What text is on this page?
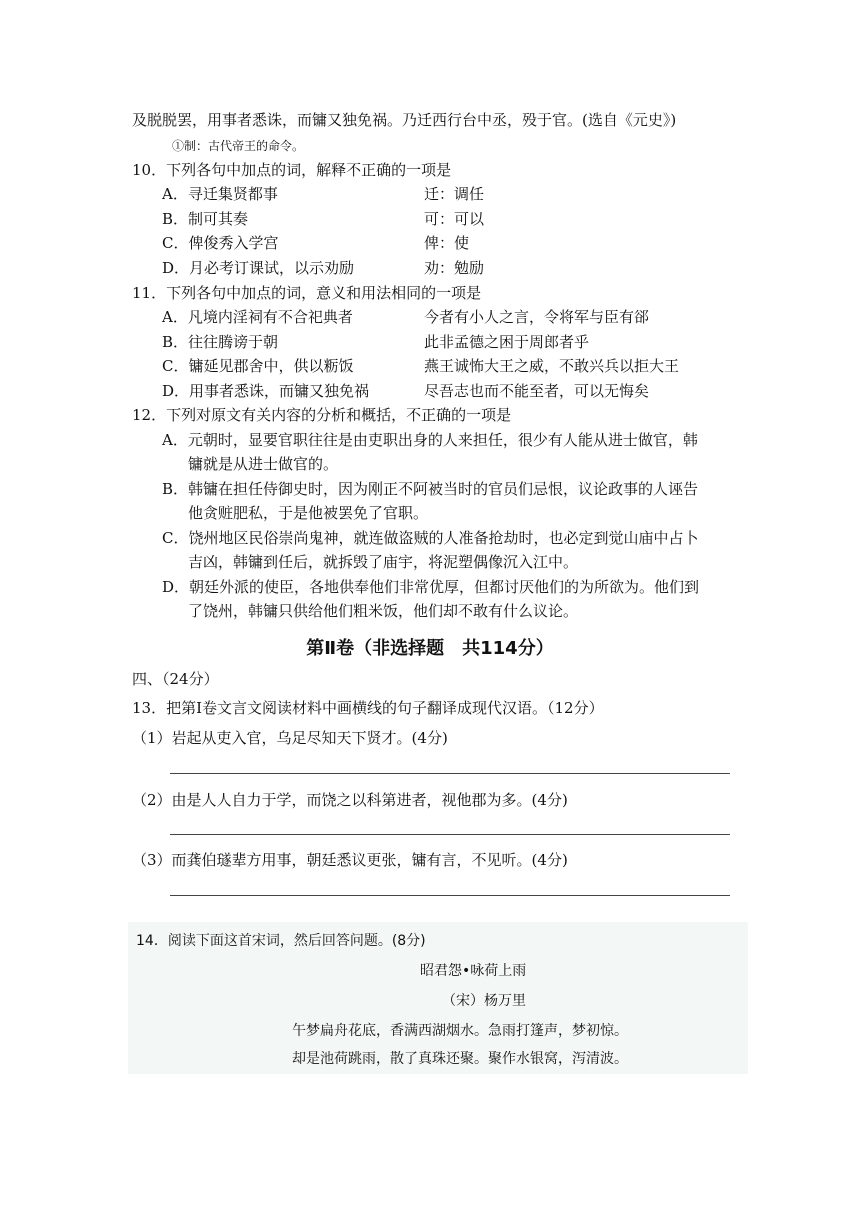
及脱脱罢，用事者悉诛，而镛又独免祸。乃迁西行台中丞，殁于官。(选自《元史》)
①制：古代帝王的命令。
10．下列各句中加点的词，解释不正确的一项是
A．寻迁集贤都事	迁：调任
B．制可其奏	可：可以
C．俾俊秀入学宫	俾：使
D．月必考订课试，以示劝励	劝：勉励
11．下列各句中加点的词，意义和用法相同的一项是
A．凡境内淫祠有不合祀典者	今者有小人之言，令将军与臣有郤
B．往往腾谤于朝	此非孟德之困于周郎者乎
C．镛延见郡舍中，供以粝饭	燕王诚怖大王之威，不敢兴兵以拒大王
D．用事者悉诛，而镛又独免祸	尽吾志也而不能至者，可以无悔矣
12．下列对原文有关内容的分析和概括，不正确的一项是
A．元朝时，显要官职往往是由吏职出身的人来担任，很少有人能从进士做官，韩
镛就是从进士做官的。
B．韩镛在担任侍御史时，因为刚正不阿被当时的官员们忌恨，议论政事的人诬告
他贪赃肥私，于是他被罢免了官职。
C．饶州地区民俗崇尚鬼神，就连做盗贼的人准备抢劫时，也必定到觉山庙中占卜
吉凶，韩镛到任后，就拆毁了庙宇，将泥塑偶像沉入江中。
D．朝廷外派的使臣，各地供奉他们非常优厚，但都讨厌他们的为所欲为。他们到
了饶州，韩镛只供给他们粗米饭，他们却不敢有什么议论。
第Ⅱ卷（非选择题　共114分）
四、（24分）
13．把第Ⅰ卷文言文阅读材料中画横线的句子翻译成现代汉语。（12分）
（1）岩起从吏入官，乌足尽知天下贤才。(4分)
（2）由是人人自力于学，而饶之以科第进者，视他郡为多。(4分)
（3）而龚伯璲辈方用事，朝廷悉议更张，镛有言，不见听。(4分)
14．阅读下面这首宋词，然后回答问题。(8分)
昭君怨•咏荷上雨
（宋）杨万里
午梦扁舟花底，香满西湖烟水。急雨打篷声，梦初惊。
却是池荷跳雨，散了真珠还聚。聚作水银窝，泻清波。
